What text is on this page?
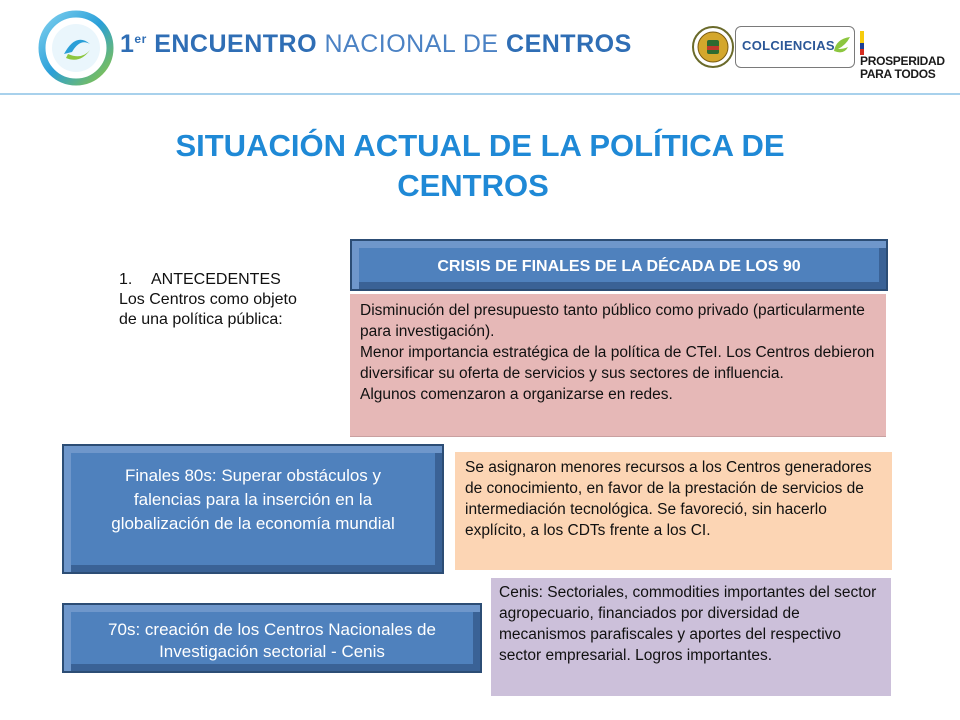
1er ENCUENTRO NACIONAL DE CENTROS	COLCIENCIAS
PROSPERIDAD
PARA TODOS
SITUACIÓN ACTUAL DE LA POLÍTICA DE
CENTROS
1. ANTECEDENTES
Los Centros como objeto
de una política pública:
CRISIS DE FINALES DE LA DÉCADA DE LOS 90

Disminución del presupuesto tanto público como privado (particularmente para investigación).

Menor importancia estratégica de la política de CTeI. Los Centros debieron diversificar su oferta de servicios y sus sectores de influencia.

Algunos comenzaron a organizarse en redes.

Finales 80s: Superar obstáculos y falencias para la inserción en la globalización de la economía mundial

Se asignaron menores recursos a los Centros generadores de conocimiento, en favor de la prestación de servicios de intermediación tecnológica. Se favoreció, sin hacerlo explícito, a los CDTs frente a los CI.

70s: creación de los Centros Nacionales de Investigación sectorial - Cenis

Cenis: Sectoriales, commodities importantes del sector agropecuario, financiados por diversidad de mecanismos parafiscales y aportes del respectivo sector empresarial. Logros importantes.
